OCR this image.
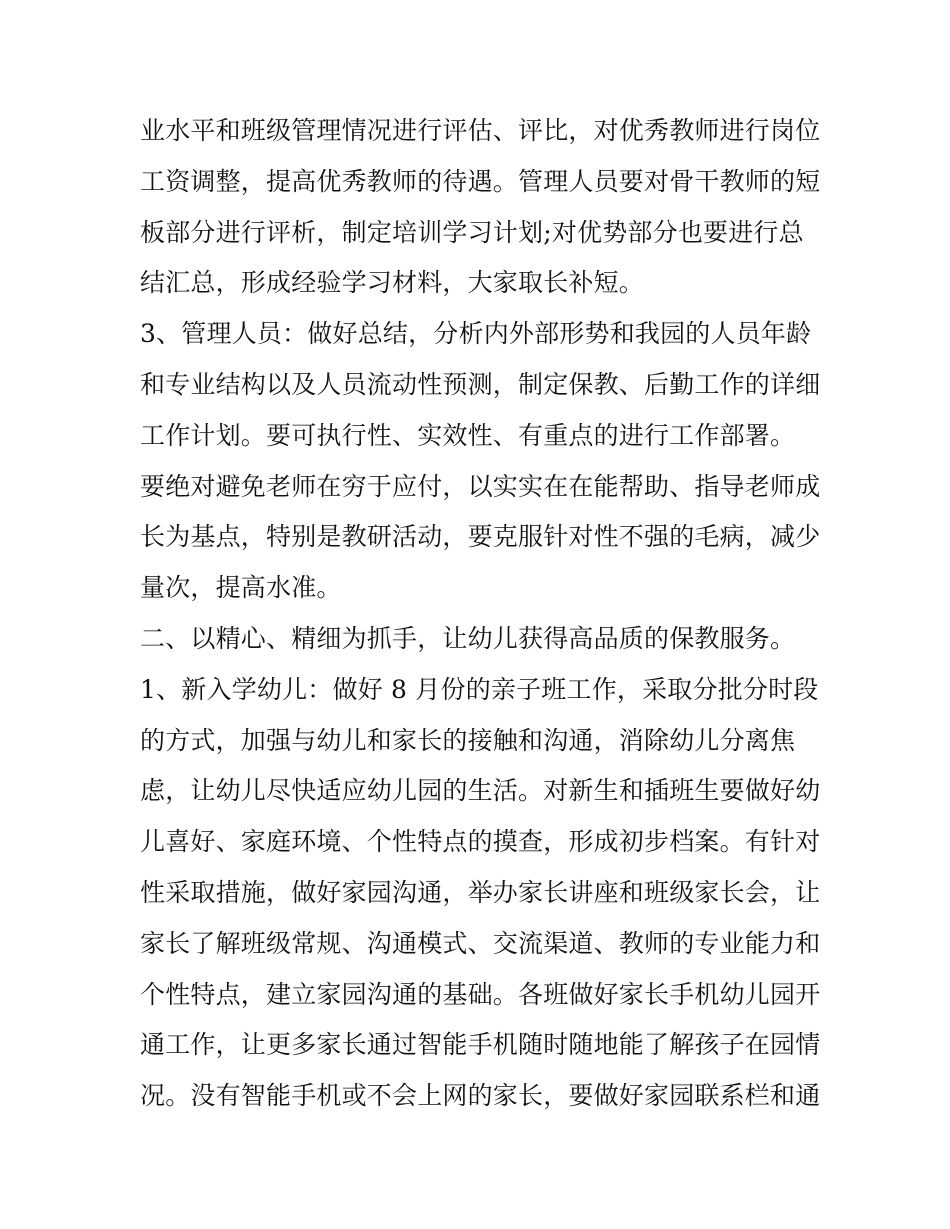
业水平和班级管理情况进行评估、评比，对优秀教师进行岗位
工资调整，提高优秀教师的待遇。管理人员要对骨干教师的短
板部分进行评析，制定培训学习计划;对优势部分也要进行总
结汇总，形成经验学习材料，大家取长补短。
3、管理人员：做好总结，分析内外部形势和我园的人员年龄
和专业结构以及人员流动性预测，制定保教、后勤工作的详细
工作计划。要可执行性、实效性、有重点的进行工作部署。
要绝对避免老师在穷于应付，以实实在在能帮助、指导老师成
长为基点，特别是教研活动，要克服针对性不强的毛病，减少
量次，提高水准。
二、以精心、精细为抓手，让幼儿获得高品质的保教服务。
1、新入学幼儿：做好 8 月份的亲子班工作，采取分批分时段
的方式，加强与幼儿和家长的接触和沟通，消除幼儿分离焦
虑，让幼儿尽快适应幼儿园的生活。对新生和插班生要做好幼
儿喜好、家庭环境、个性特点的摸查，形成初步档案。有针对
性采取措施，做好家园沟通，举办家长讲座和班级家长会，让
家长了解班级常规、沟通模式、交流渠道、教师的专业能力和
个性特点，建立家园沟通的基础。各班做好家长手机幼儿园开
通工作，让更多家长通过智能手机随时随地能了解孩子在园情
况。没有智能手机或不会上网的家长，要做好家园联系栏和通
